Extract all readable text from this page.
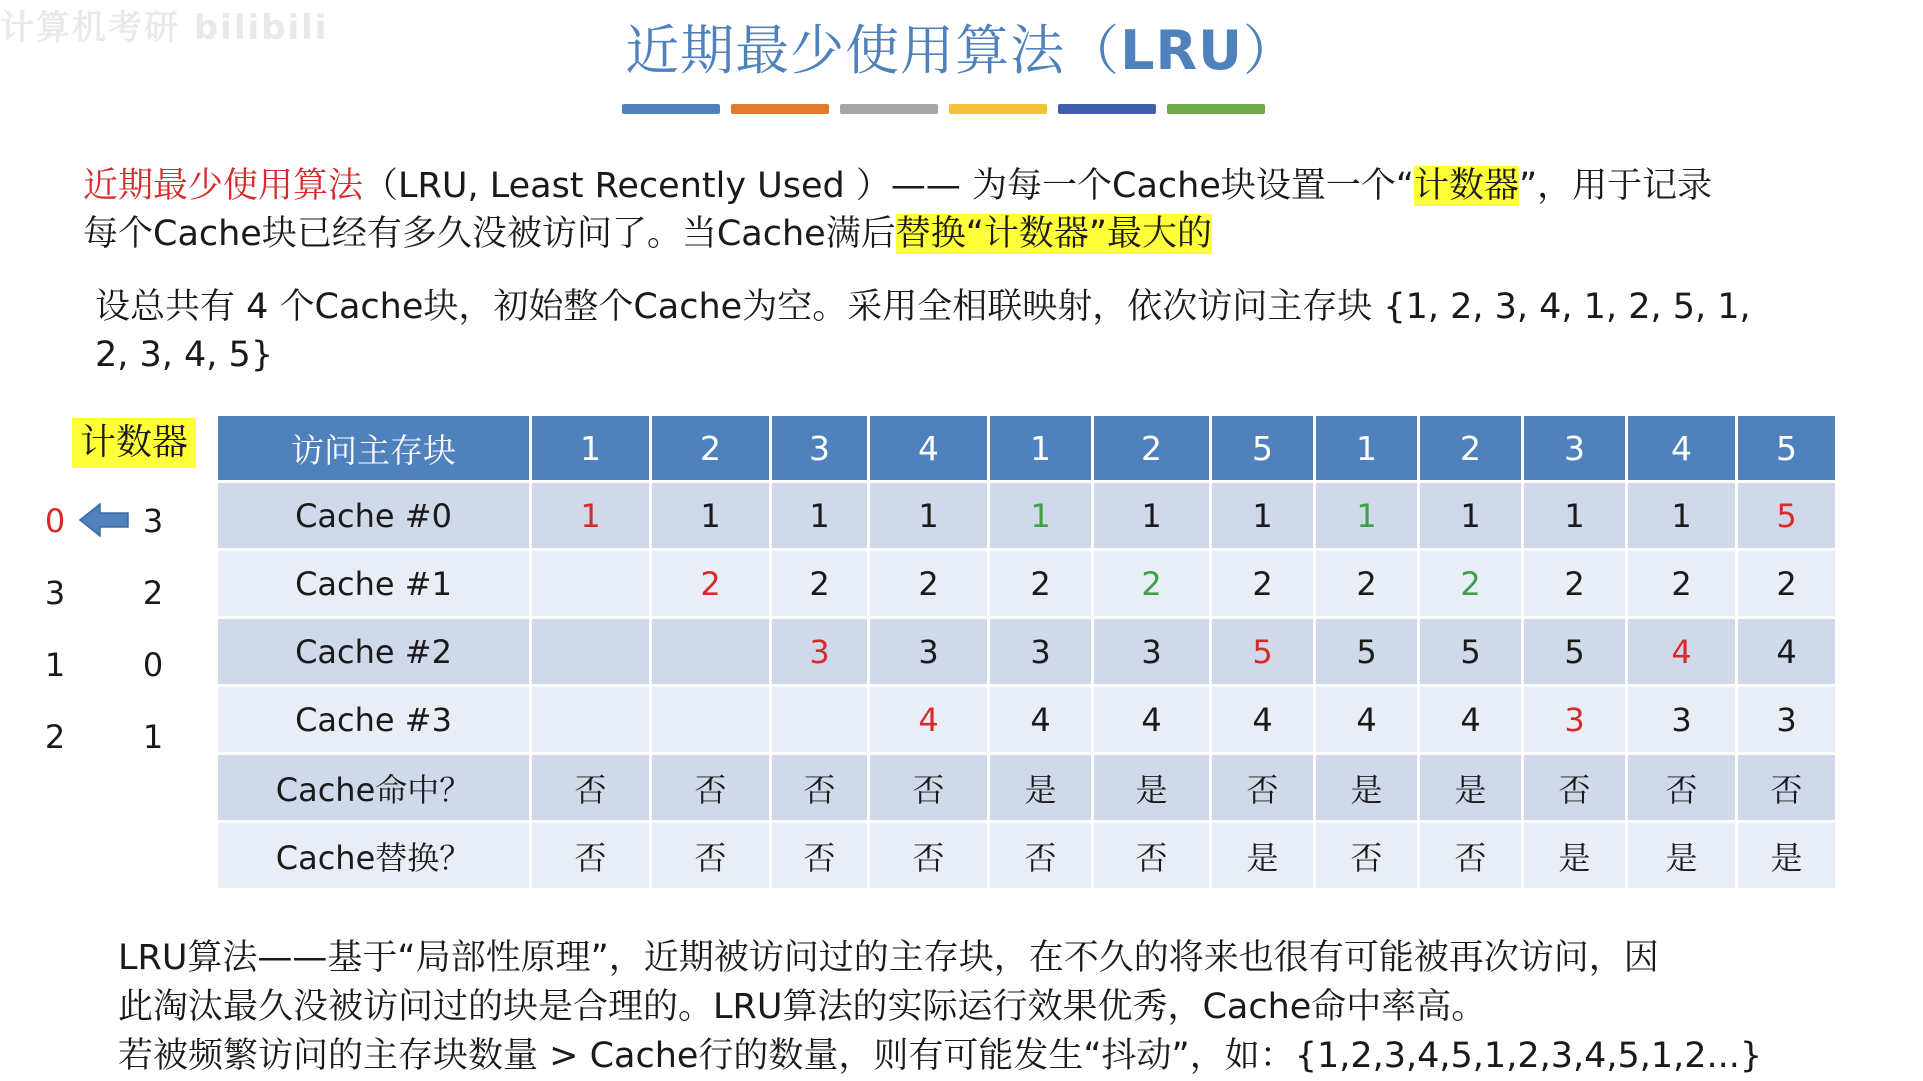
计算机考研 bilibili	近期最少使用算法（LRU）
近期最少使用算法（LRU, Least Recently Used ）—— 为每一个Cache块设置一个“计数器”，用于记录
每个Cache块已经有多久没被访问了。当Cache满后替换“计数器”最大的
设总共有 4 个Cache块，初始整个Cache为空。采用全相联映射，依次访问主存块 {1, 2, 3, 4, 1, 2, 5, 1,
2, 3, 4, 5}
计数器
0	3
3	2
1	0
2	1
访问主存块	1	2	3	4	1	2	5	1	2	3	4	5
Cache #0	1	1	1	1	1	1	1	1	1	1	1	5
Cache #1		2	2	2	2	2	2	2	2	2	2	2
Cache #2			3	3	3	3	5	5	5	5	4	4
Cache #3				4	4	4	4	4	4	3	3	3
Cache命中？	否	否	否	否	是	是	否	是	是	否	否	否
Cache替换？	否	否	否	否	否	否	是	否	否	是	是	是
LRU算法——基于“局部性原理”，近期被访问过的主存块，在不久的将来也很有可能被再次访问，因
此淘汰最久没被访问过的块是合理的。LRU算法的实际运行效果优秀，Cache命中率高。
若被频繁访问的主存块数量 > Cache行的数量，则有可能发生“抖动”，如：{1,2,3,4,5,1,2,3,4,5,1,2...}
